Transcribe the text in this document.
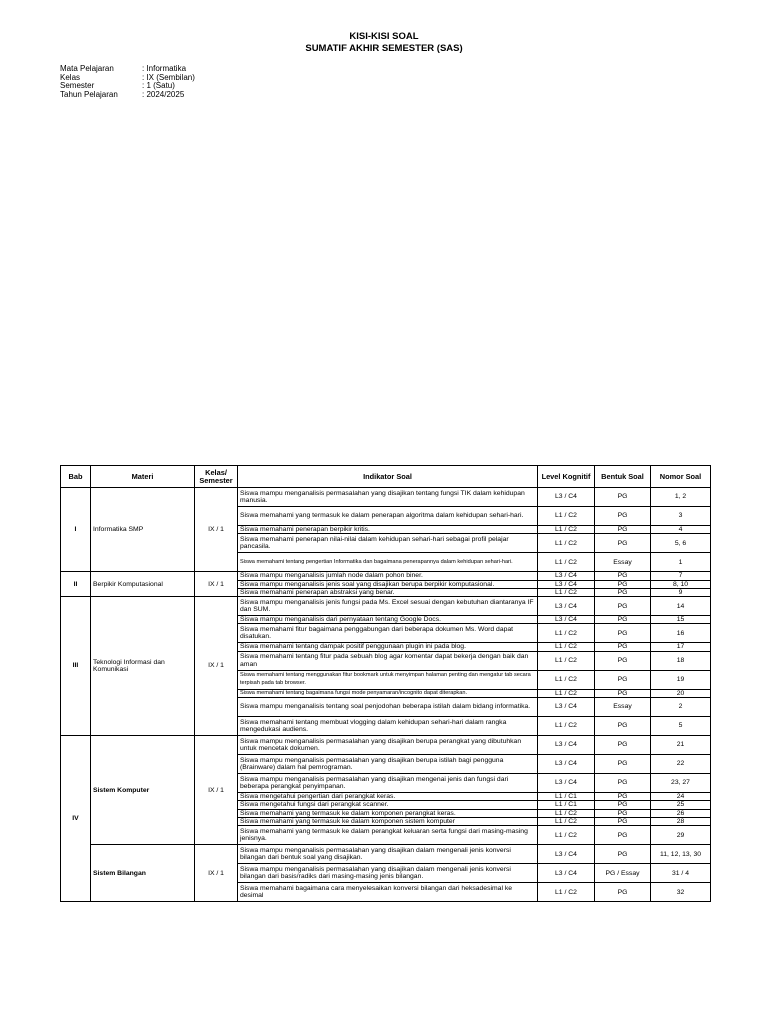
KISI-KISI SOAL
SUMATIF AKHIR SEMESTER (SAS)
Mata Pelajaran	: Informatika
Kelas	: IX (Sembilan)
Semester	: 1 (Satu)
Tahun Pelajaran	: 2024/2025
Bab	Materi	Kelas/ Semester	Indikator Soal	Level Kognitif	Bentuk Soal	Nomor Soal
I	Informatika SMP	IX / 1	Siswa mampu menganalisis permasalahan yang disajikan tentang fungsi TIK dalam kehidupan manusia.	L3 / C4	PG	1, 2
			Siswa memahami yang termasuk ke dalam penerapan algoritma dalam kehidupan sehari-hari.	L1 / C2	PG	3
			Siswa memahami penerapan berpikir kritis.	L1 / C2	PG	4
			Siswa memahami penerapan nilai-nilai dalam kehidupan sehari-hari sebagai profil pelajar pancasila.	L1 / C2	PG	5, 6
			Siswa memahami tentang pengertian Informatika dan bagaimana penerapannya dalam kehidupan sehari-hari.	L1 / C2	Essay	1
II	Berpikir Komputasional	IX / 1	Siswa mampu menganalisis jumlah node dalam pohon biner.	L3 / C4	PG	7
			Siswa mampu menganalisis jenis soal yang disajikan berupa berpikir komputasional.	L3 / C4	PG	8, 10
			Siswa memahami penerapan abstraksi yang benar.	L1 / C2	PG	9
III	Teknologi Informasi dan Komunikasi	IX / 1	Siswa mampu menganalisis jenis fungsi pada Ms. Excel sesuai dengan kebutuhan diantaranya IF dan SUM.	L3 / C4	PG	14
			Siswa mampu menganalisis dari pernyataan tentang Google Docs.	L3 / C4	PG	15
			Siswa memahami fitur bagaimana penggabungan dari beberapa dokumen Ms. Word dapat disatukan.	L1 / C2	PG	16
			Siswa memahami tentang dampak positif penggunaan plugin ini pada blog.	L1 / C2	PG	17
			Siswa memahami tentang fitur pada sebuah blog agar komentar dapat bekerja dengan baik dan aman	L1 / C2	PG	18
			Siswa memahami tentang menggunakan fitur bookmark untuk menyimpan halaman penting dan mengatur tab secara terpisah pada tab browser.	L1 / C2	PG	19
			Siswa memahami tentang bagaimana fungsi mode penyamaran/incognito dapat diterapkan.	L1 / C2	PG	20
			Siswa mampu menganalisis tentang soal penjodohan beberapa istilah dalam bidang informatika.	L3 / C4	Essay	2
			Siswa memahami tentang membuat vlogging dalam kehidupan sehari-hari dalam rangka mengedukasi audiens.	L1 / C2	PG	5
IV	Sistem Komputer	IX / 1	Siswa mampu menganalisis permasalahan yang disajikan berupa perangkat yang dibutuhkan untuk mencetak dokumen.	L3 / C4	PG	21
			Siswa mampu menganalisis permasalahan yang disajikan berupa istilah bagi pengguna (Brainware) dalam hal pemrograman.	L3 / C4	PG	22
			Siswa mampu menganalisis permasalahan yang disajikan mengenai jenis dan fungsi dari beberapa perangkat penyimpanan.	L3 / C4	PG	23, 27
			Siswa mengetahui pengertian dari perangkat keras.	L1 / C1	PG	24
			Siswa mengetahui fungsi dari perangkat scanner.	L1 / C1	PG	25
			Siswa memahami yang termasuk ke dalam komponen perangkat keras.	L1 / C2	PG	26
			Siswa memahami yang termasuk ke dalam komponen sistem komputer	L1 / C2	PG	28
			Siswa memahami yang termasuk ke dalam perangkat keluaran serta fungsi dari masing-masing jenisnya.	L1 / C2	PG	29
	Sistem Bilangan	IX / 1	Siswa mampu menganalisis permasalahan yang disajikan dalam mengenali jenis konversi bilangan dari bentuk soal yang disajikan.	L3 / C4	PG	11, 12, 13, 30
			Siswa mampu menganalisis permasalahan yang disajikan dalam mengenali jenis konversi bilangan dari basis/radiks dari masing-masing jenis bilangan.	L3 / C4	PG / Essay	31 / 4
			Siswa memahami bagaimana cara menyelesaikan konversi bilangan dari heksadesimal ke desimal	L1 / C2	PG	32
